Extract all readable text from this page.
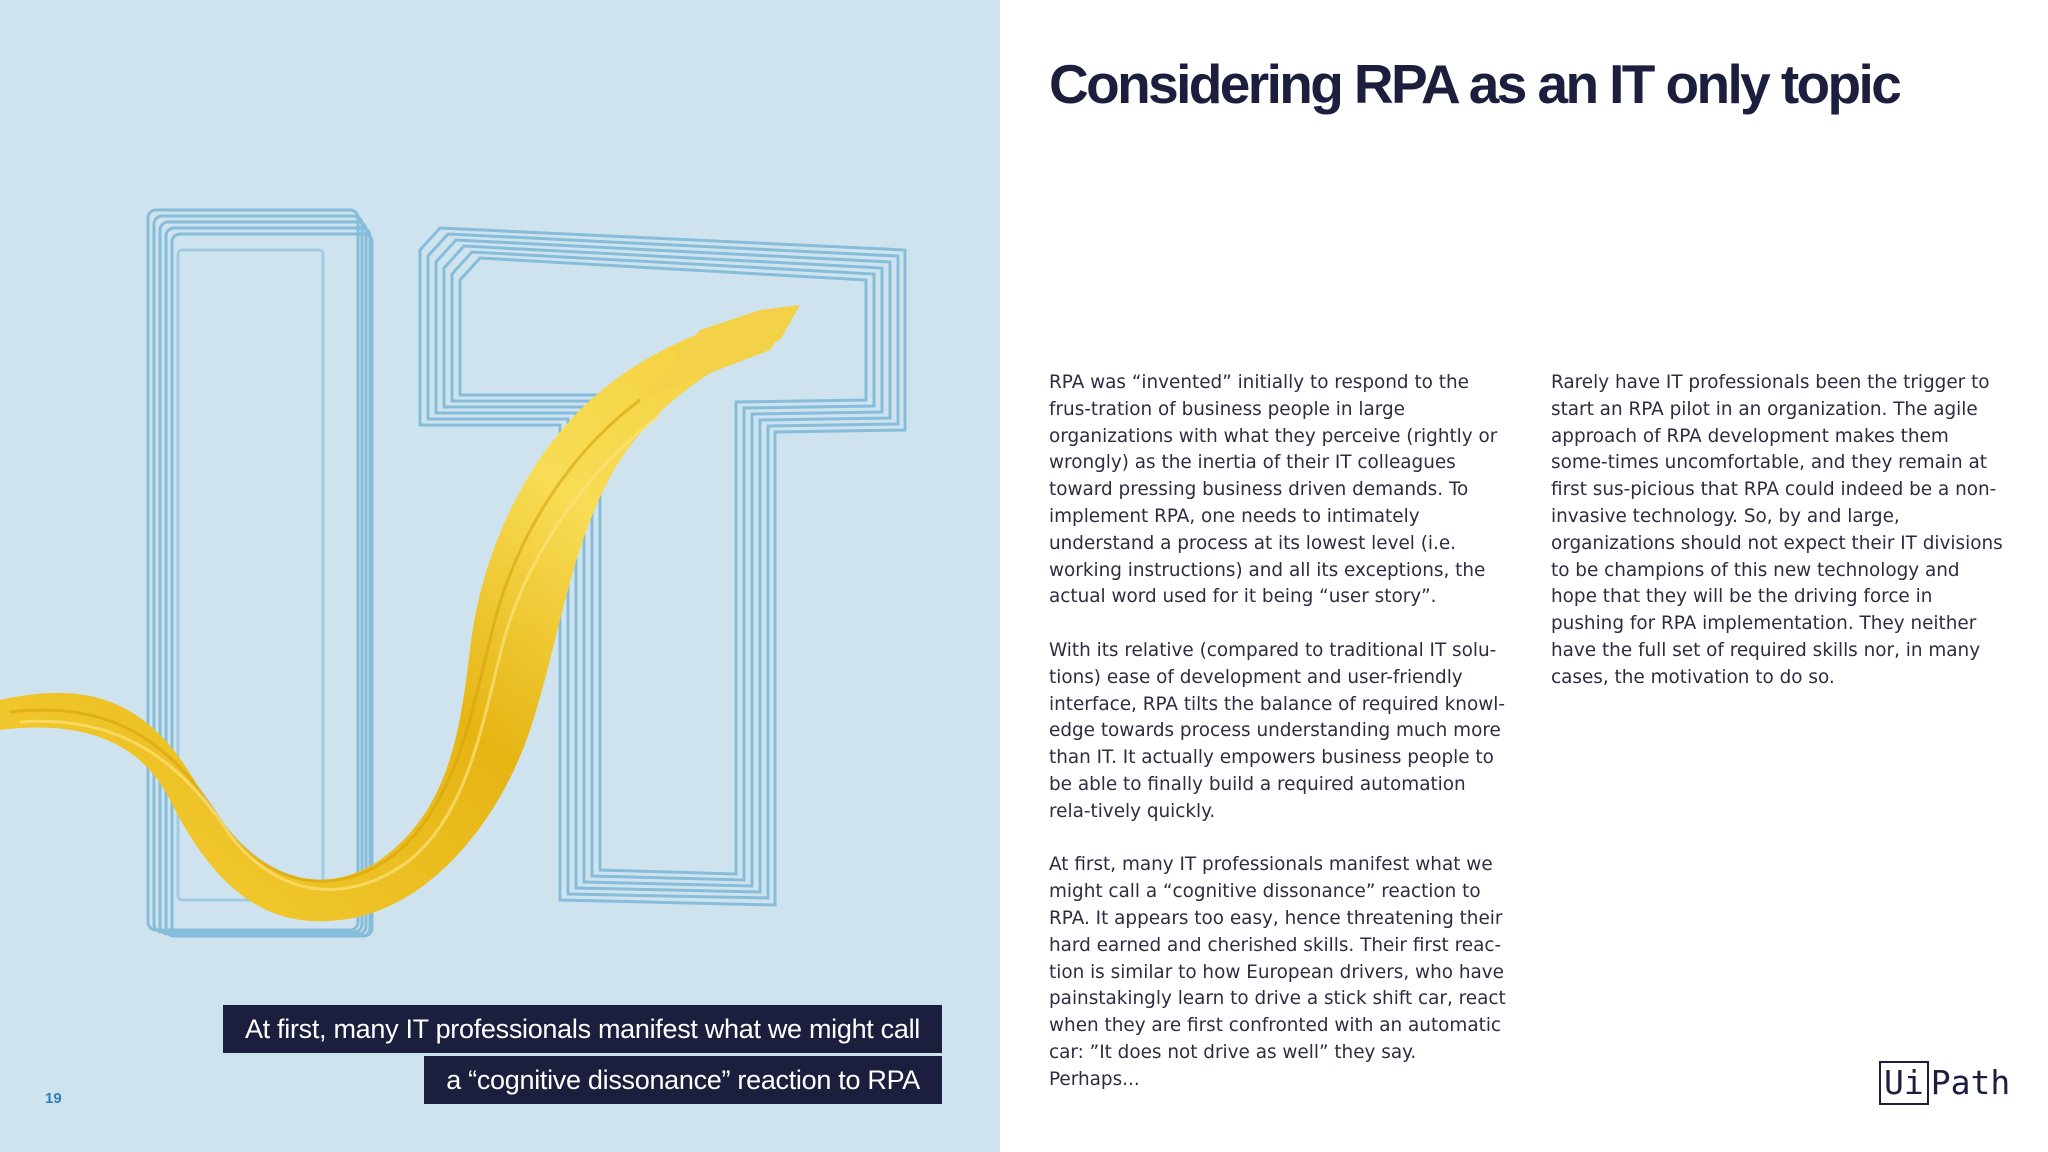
At first, many IT professionals manifest what we might call
a “cognitive dissonance” reaction to RPA
19
Considering RPA as an IT only topic

RPA was “invented” initially to respond to the frus-tration of business people in large organizations with what they perceive (rightly or wrongly) as the inertia of their IT colleagues toward pressing business driven demands. To implement RPA, one needs to intimately understand a process at its lowest level (i.e. working instructions) and all its exceptions, the actual word used for it being “user story”.

With its relative (compared to traditional IT solu-tions) ease of development and user-friendly interface, RPA tilts the balance of required knowl-edge towards process understanding much more than IT. It actually empowers business people to be able to finally build a required automation rela-tively quickly.

At first, many IT professionals manifest what we might call a “cognitive dissonance” reaction to RPA. It appears too easy, hence threatening their hard earned and cherished skills. Their first reac-tion is similar to how European drivers, who have painstakingly learn to drive a stick shift car, react when they are first confronted with an automatic car: ”It does not drive as well” they say. Perhaps...

Rarely have IT professionals been the trigger to start an RPA pilot in an organization. The agile approach of RPA development makes them some-times uncomfortable, and they remain at first sus-picious that RPA could indeed be a non-invasive technology. So, by and large, organizations should not expect their IT divisions to be champions of this new technology and hope that they will be the driving force in pushing for RPA implementation. They neither have the full set of required skills nor, in many cases, the motivation to do so.

Ui Path
